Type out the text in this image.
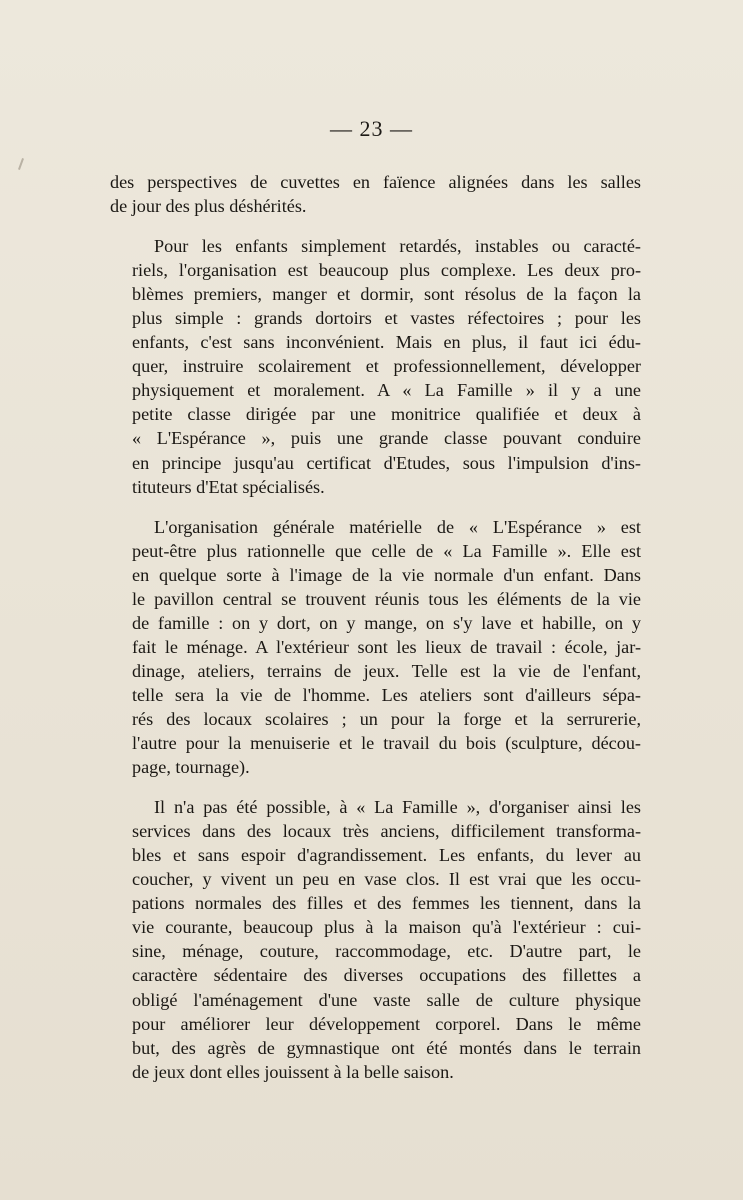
— 23 —

des perspectives de cuvettes en faïence alignées dans les salles
de jour des plus déshérités.

Pour les enfants simplement retardés, instables ou caracté-
riels, l'organisation est beaucoup plus complexe. Les deux pro-
blèmes premiers, manger et dormir, sont résolus de la façon la
plus simple : grands dortoirs et vastes réfectoires ; pour les
enfants, c'est sans inconvénient. Mais en plus, il faut ici édu-
quer, instruire scolairement et professionnellement, développer
physiquement et moralement. A « La Famille » il y a une
petite classe dirigée par une monitrice qualifiée et deux à
« L'Espérance », puis une grande classe pouvant conduire
en principe jusqu'au certificat d'Etudes, sous l'impulsion d'ins-
tituteurs d'Etat spécialisés.

L'organisation générale matérielle de « L'Espérance » est
peut-être plus rationnelle que celle de « La Famille ». Elle est
en quelque sorte à l'image de la vie normale d'un enfant. Dans
le pavillon central se trouvent réunis tous les éléments de la vie
de famille : on y dort, on y mange, on s'y lave et habille, on y
fait le ménage. A l'extérieur sont les lieux de travail : école, jar-
dinage, ateliers, terrains de jeux. Telle est la vie de l'enfant,
telle sera la vie de l'homme. Les ateliers sont d'ailleurs sépa-
rés des locaux scolaires ; un pour la forge et la serrurerie,
l'autre pour la menuiserie et le travail du bois (sculpture, décou-
page, tournage).

Il n'a pas été possible, à « La Famille », d'organiser ainsi les
services dans des locaux très anciens, difficilement transforma-
bles et sans espoir d'agrandissement. Les enfants, du lever au
coucher, y vivent un peu en vase clos. Il est vrai que les occu-
pations normales des filles et des femmes les tiennent, dans la
vie courante, beaucoup plus à la maison qu'à l'extérieur : cui-
sine, ménage, couture, raccommodage, etc. D'autre part, le
caractère sédentaire des diverses occupations des fillettes a
obligé l'aménagement d'une vaste salle de culture physique
pour améliorer leur développement corporel. Dans le même
but, des agrès de gymnastique ont été montés dans le terrain
de jeux dont elles jouissent à la belle saison.
